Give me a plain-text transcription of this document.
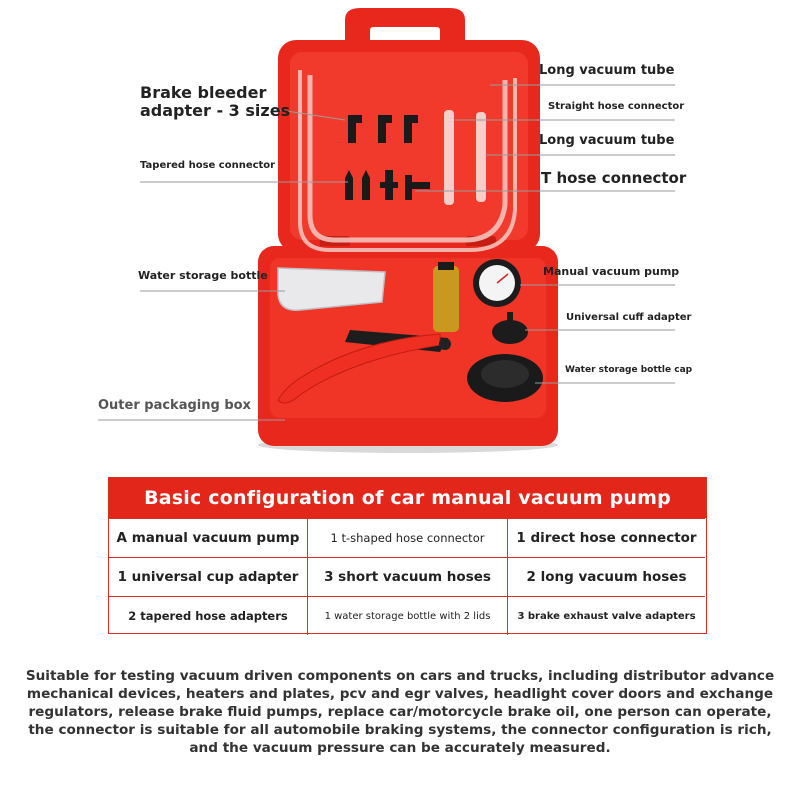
Brake bleeder
adapter - 3 sizes
Tapered hose connector
Water storage bottle
Outer packaging box
Long vacuum tube
Straight hose connector
Long vacuum tube
T hose connector
Manual vacuum pump
Universal cuff adapter
Water storage bottle cap
Basic configuration of car manual vacuum pump
A manual vacuum pump	1 t-shaped hose connector	1 direct hose connector
1 universal cup adapter	3 short vacuum hoses	2 long vacuum hoses
2 tapered hose adapters	1 water storage bottle with 2 lids	3 brake exhaust valve adapters
Suitable for testing vacuum driven components on cars and trucks, including distributor advance mechanical devices, heaters and plates, pcv and egr valves, headlight cover doors and exchange regulators, release brake fluid pumps, replace car/motorcycle brake oil, one person can operate, the connector is suitable for all automobile braking systems, the connector configuration is rich, and the vacuum pressure can be accurately measured.
